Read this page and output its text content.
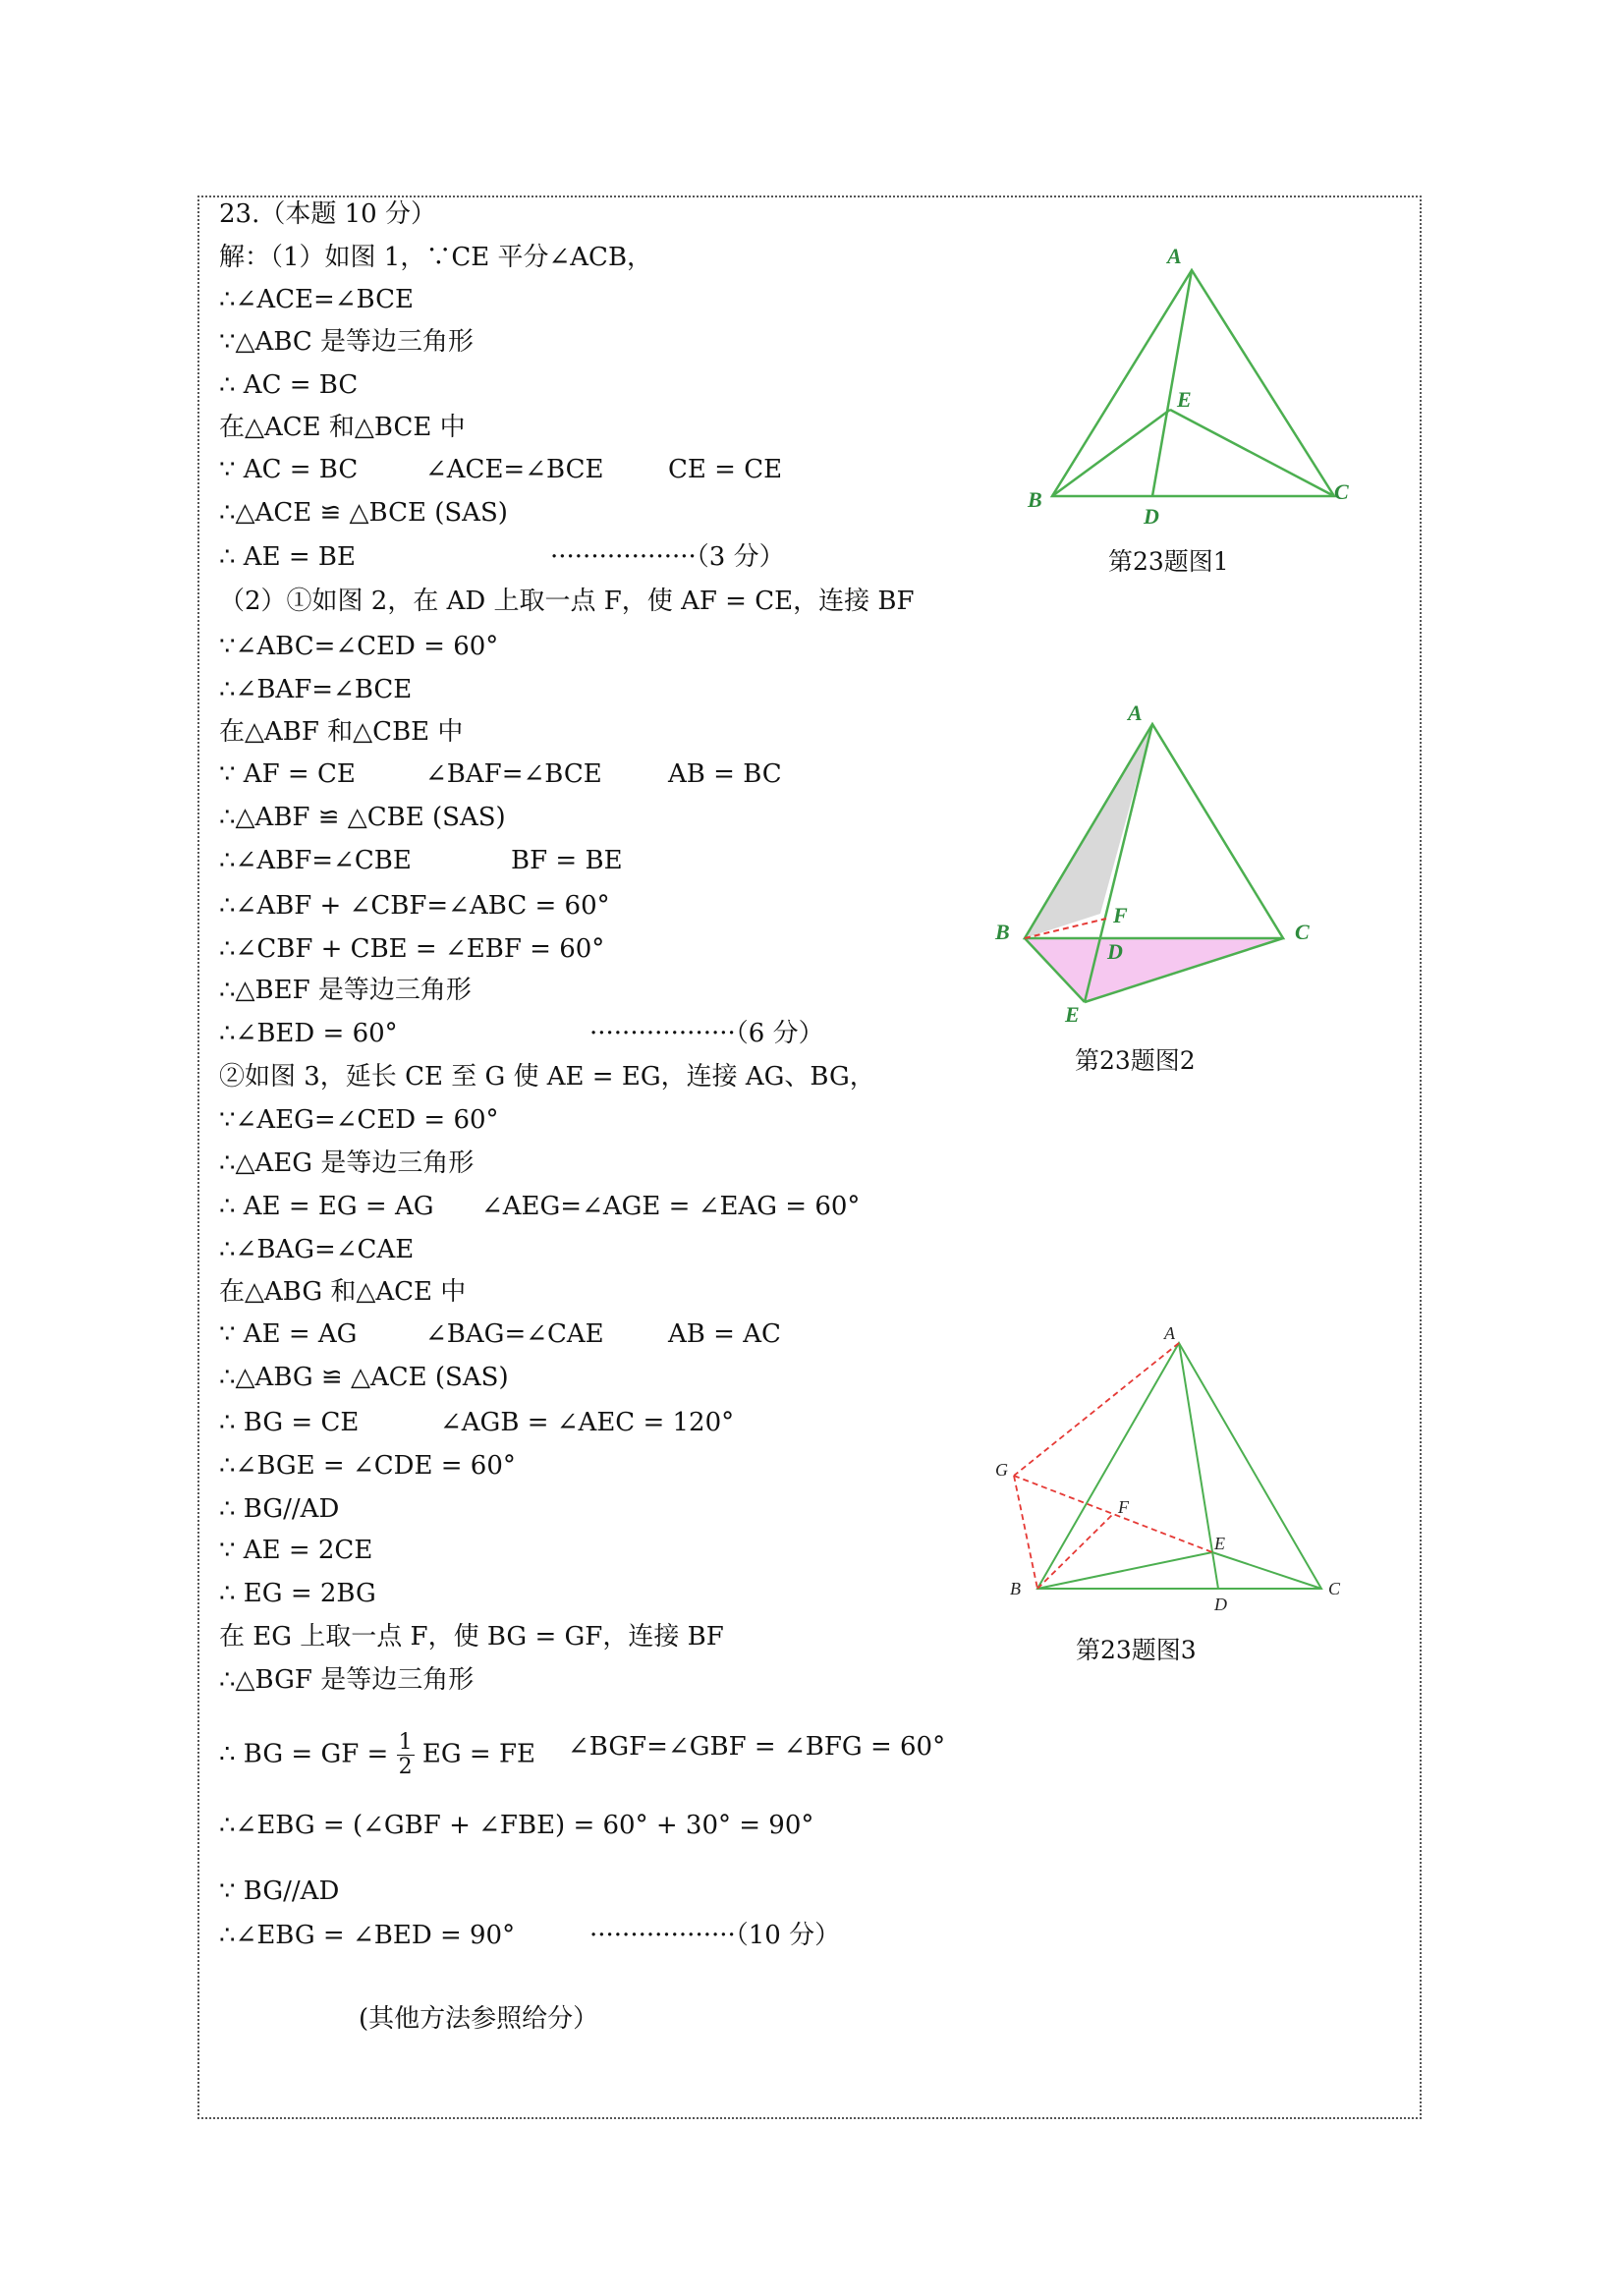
23.（本题 10 分）
解：（1）如图 1，∵CE 平分∠ACB，
∴∠ACE=∠BCE
∵△ABC 是等边三角形
∴ AC = BC
在△ACE 和△BCE 中
∵ AC = BC	∠ACE=∠BCE	CE = CE
∴△ACE ≌ △BCE (SAS)
∴ AE = BE	··················（3 分）
（2）①如图 2，在 AD 上取一点 F，使 AF = CE，连接 BF
∵∠ABC=∠CED = 60°
∴∠BAF=∠BCE
在△ABF 和△CBE 中
∵ AF = CE	∠BAF=∠BCE	AB = BC
∴△ABF ≌ △CBE (SAS)
∴∠ABF=∠CBE	BF = BE
∴∠ABF + ∠CBF=∠ABC = 60°
∴∠CBF + CBE = ∠EBF = 60°
∴△BEF 是等边三角形
∴∠BED = 60°	··················（6 分）
②如图 3，延长 CE 至 G 使 AE = EG，连接 AG、BG，
∵∠AEG=∠CED = 60°
∴△AEG 是等边三角形
∴ AE = EG = AG ∠AEG=∠AGE = ∠EAG = 60°
∴∠BAG=∠CAE
在△ABG 和△ACE 中
∵ AE = AG	∠BAG=∠CAE	AB = AC
∴△ABG ≌ △ACE (SAS)
∴ BG = CE	∠AGB = ∠AEC = 120°
∴∠BGE = ∠CDE = 60°
∴ BG//AD
∵ AE = 2CE
∴ EG = 2BG
在 EG 上取一点 F，使 BG = GF，连接 BF
∴△BGF 是等边三角形
∴∠EBG = (∠GBF + ∠FBE) = 60° + 30° = 90°
∵ BG//AD
∴∠EBG = ∠BED = 90°	··················（10 分）
(其他方法参照给分）
A
B	C
D
E
A
B	C
D
E
F
A
B	C
D
E
F
G
第23题图1
第23题图2
第23题图3
∴ BG = GF = $\frac{1}{2}$ EG = FE ∠BGF=∠GBF = ∠BFG = 60°
